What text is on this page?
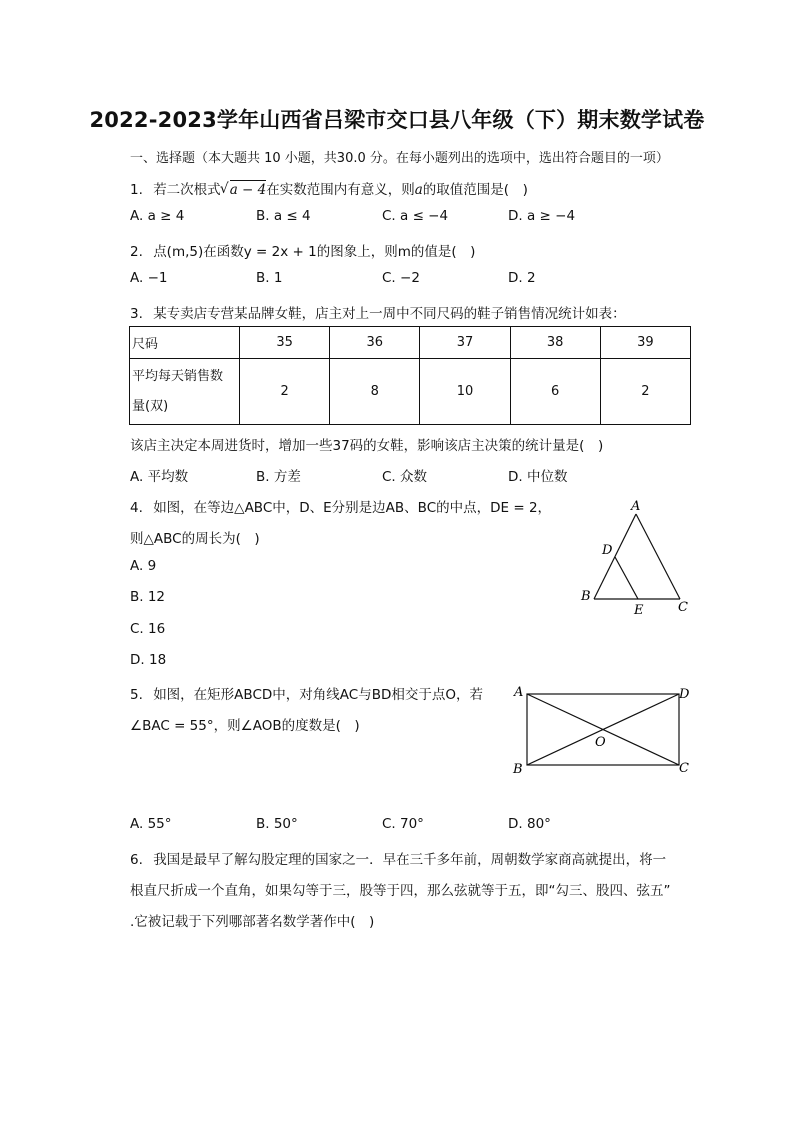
2022-2023学年山西省吕梁市交口县八年级（下）期末数学试卷
一、选择题（本大题共 10 小题，共30.0 分。在每小题列出的选项中，选出符合题目的一项）
1. 若二次根式 √ a − 4在实数范围内有意义，则a的取值范围是(　)
A. a ≥ 4	B. a ≤ 4	C. a ≤ −4	D. a ≥ −4
2. 点(m,5)在函数y = 2x + 1的图象上，则m的值是(　)
A. −1	B. 1	C. −2	D. 2
3. 某专卖店专营某品牌女鞋，店主对上一周中不同尺码的鞋子销售情况统计如表：
尺码	35	36	37	38	39

平均每天销售数
量(双)	2	8	10	6	2
该店主决定本周进货时，增加一些37码的女鞋，影响该店主决策的统计量是(　)
A. 平均数	B. 方差	C. 众数	D. 中位数
4. 如图，在等边△ABC中，D、E分别是边AB、BC的中点，DE = 2，
则△ABC的周长为(　)
A. 9
B. 12
C. 16
D. 18
A
D
B
E	C
5. 如图，在矩形ABCD中，对角线AC与BD相交于点O，若
∠BAC = 55°，则∠AOB的度数是(　)
A	D
O
B	C
A. 55°	B. 50°	C. 70°	D. 80°
6. 我国是最早了解勾股定理的国家之一．早在三千多年前，周朝数学家商高就提出，将一
根直尺折成一个直角，如果勾等于三，股等于四，那么弦就等于五，即“勾三、股四、弦五”
.它被记载于下列哪部著名数学著作中(　)
